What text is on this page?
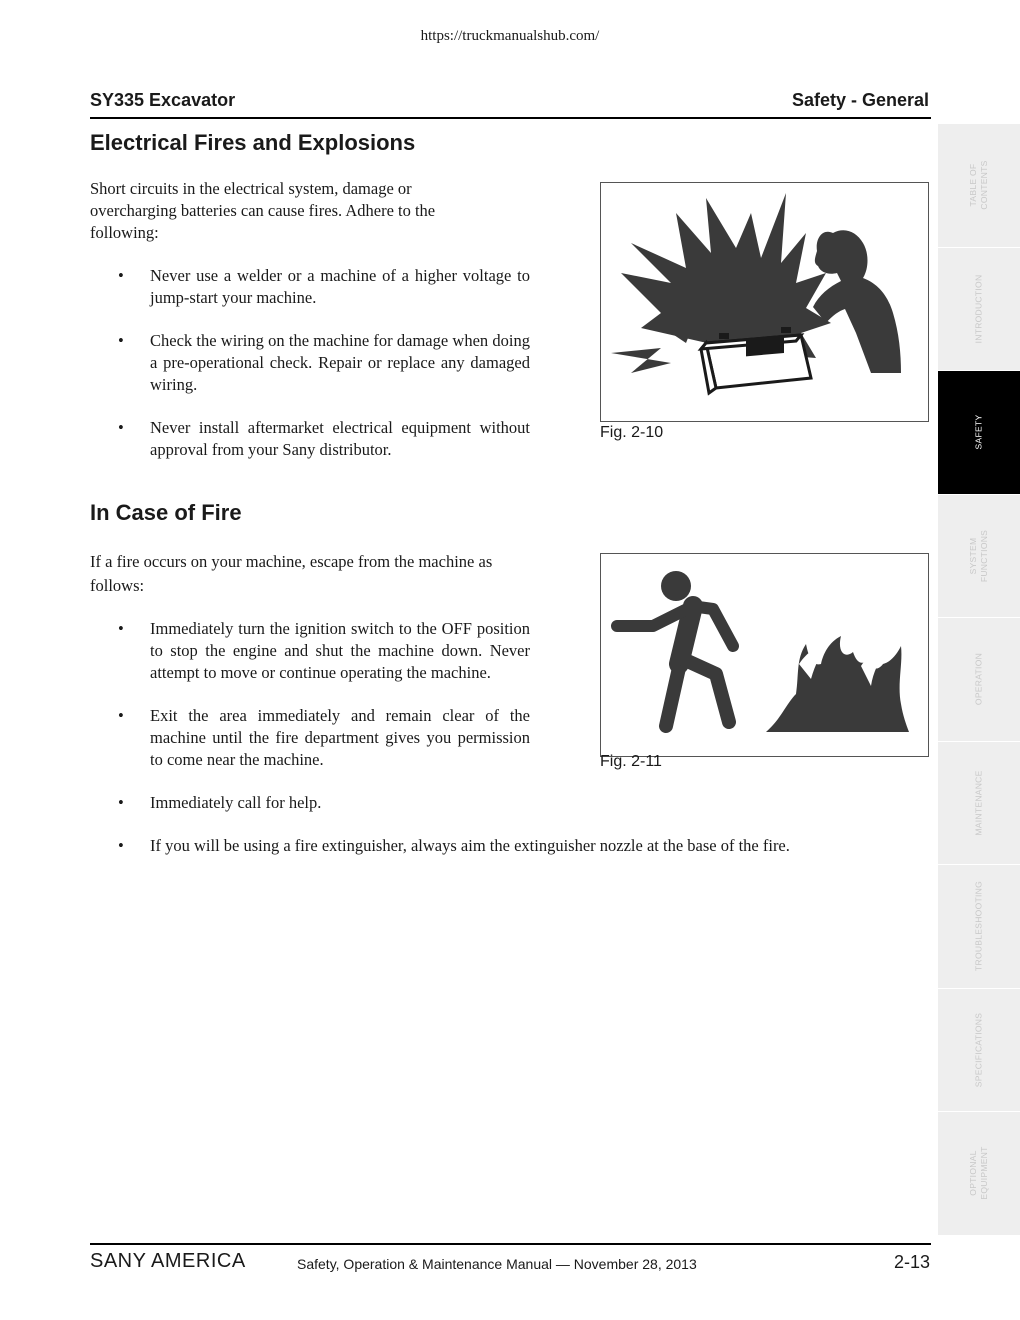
https://truckmanualshub.com/
SY335 Excavator	Safety - General
Electrical Fires and Explosions

Short circuits in the electrical system, damage or overcharging batteries can cause fires. Adhere to the following:

• Never use a welder or a machine of a higher voltage to jump-start your machine.
• Check the wiring on the machine for damage when doing a pre-operational check. Repair or replace any damaged wiring.
• Never install aftermarket electrical equipment without approval from your Sany distributor.
Fig. 2-10
In Case of Fire

If a fire occurs on your machine, escape from the machine as follows:

• Immediately turn the ignition switch to the OFF position to stop the engine and shut the machine down. Never attempt to move or continue operating the machine.
• Exit the area immediately and remain clear of the machine until the fire department gives you permission to come near the machine.
• Immediately call for help.
• If you will be using a fire extinguisher, always aim the extinguisher nozzle at the base of the fire.
Fig. 2-11
TABLE OF
CONTENTS
INTRODUCTION
SAFETY
SYSTEM
FUNCTIONS
OPERATION
MAINTENANCE
TROUBLESHOOTING
SPECIFICATIONS
OPTIONAL
EQUIPMENT
SANY AMERICA	Safety, Operation & Maintenance Manual — November 28, 2013	2-13
